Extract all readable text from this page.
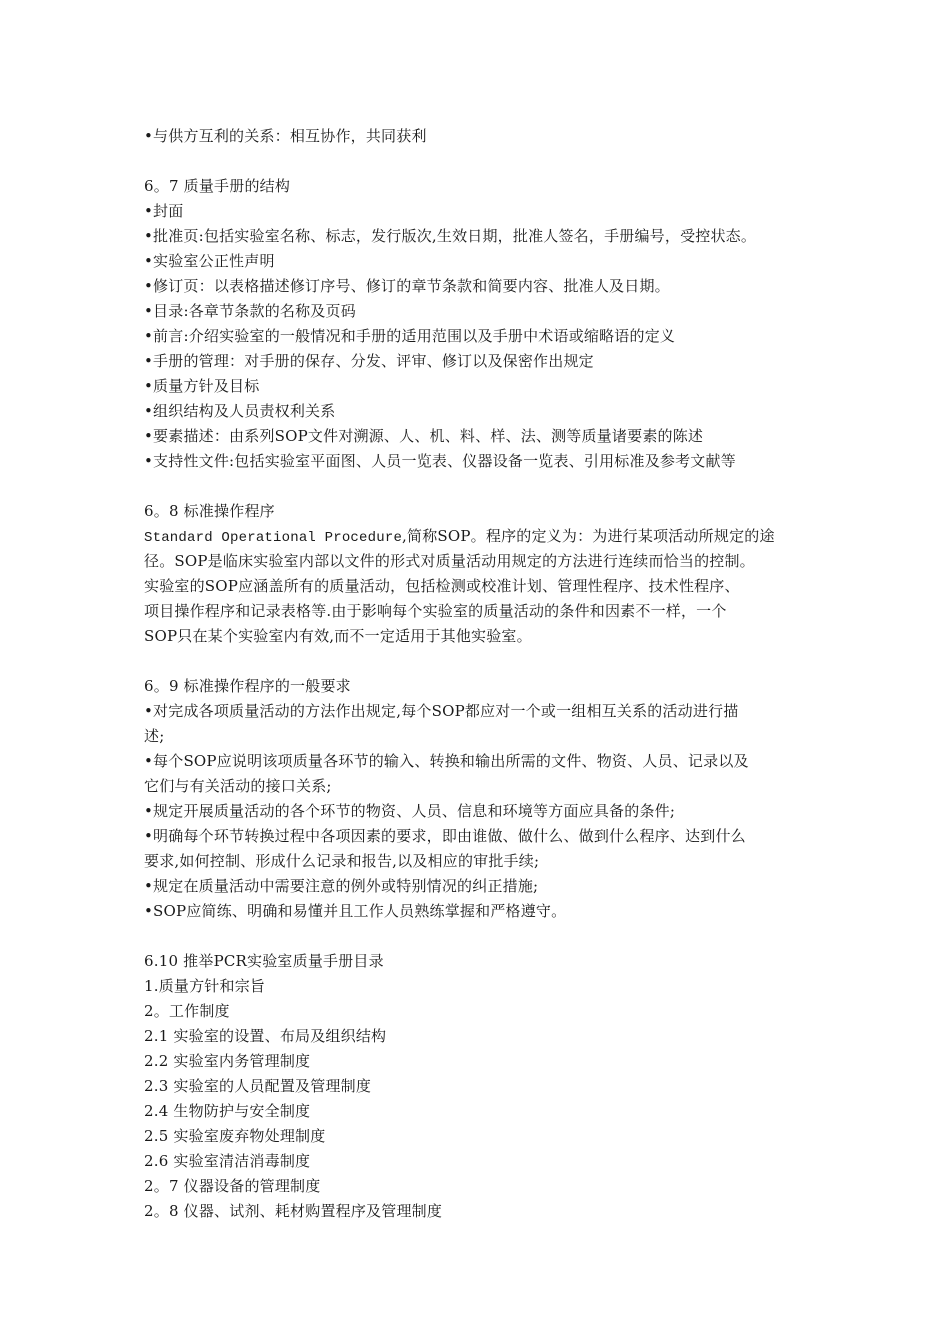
•与供方互利的关系：相互协作，共同获利
6。7 质量手册的结构
•封面
•批准页:包括实验室名称、标志，发行版次,生效日期，批准人签名，手册编号，受控状态。
•实验室公正性声明
•修订页：以表格描述修订序号、修订的章节条款和简要内容、批准人及日期。
•目录:各章节条款的名称及页码
•前言:介绍实验室的一般情况和手册的适用范围以及手册中术语或缩略语的定义
•手册的管理：对手册的保存、分发、评审、修订以及保密作出规定
•质量方针及目标
•组织结构及人员责权利关系
•要素描述：由系列SOP文件对溯源、人、机、料、样、法、测等质量诸要素的陈述
•支持性文件:包括实验室平面图、人员一览表、仪器设备一览表、引用标准及参考文献等
6。8 标准操作程序
Standard Operational Procedure,简称SOP。程序的定义为：为进行某项活动所规定的途
径。SOP是临床实验室内部以文件的形式对质量活动用规定的方法进行连续而恰当的控制。
实验室的SOP应涵盖所有的质量活动，包括检测或校准计划、管理性程序、技术性程序、
项目操作程序和记录表格等.由于影响每个实验室的质量活动的条件和因素不一样，一个
SOP只在某个实验室内有效,而不一定适用于其他实验室。
6。9 标准操作程序的一般要求
•对完成各项质量活动的方法作出规定,每个SOP都应对一个或一组相互关系的活动进行描
述;
•每个SOP应说明该项质量各环节的输入、转换和输出所需的文件、物资、人员、记录以及
它们与有关活动的接口关系;
•规定开展质量活动的各个环节的物资、人员、信息和环境等方面应具备的条件;
•明确每个环节转换过程中各项因素的要求，即由谁做、做什么、做到什么程序、达到什么
要求,如何控制、形成什么记录和报告,以及相应的审批手续;
•规定在质量活动中需要注意的例外或特别情况的纠正措施;
•SOP应简练、明确和易懂并且工作人员熟练掌握和严格遵守。
6.10 推举PCR实验室质量手册目录
1.质量方针和宗旨
2。工作制度
2.1 实验室的设置、布局及组织结构
2.2 实验室内务管理制度
2.3 实验室的人员配置及管理制度
2.4 生物防护与安全制度
2.5 实验室废弃物处理制度
2.6 实验室清洁消毒制度
2。7 仪器设备的管理制度
2。8 仪器、试剂、耗材购置程序及管理制度
